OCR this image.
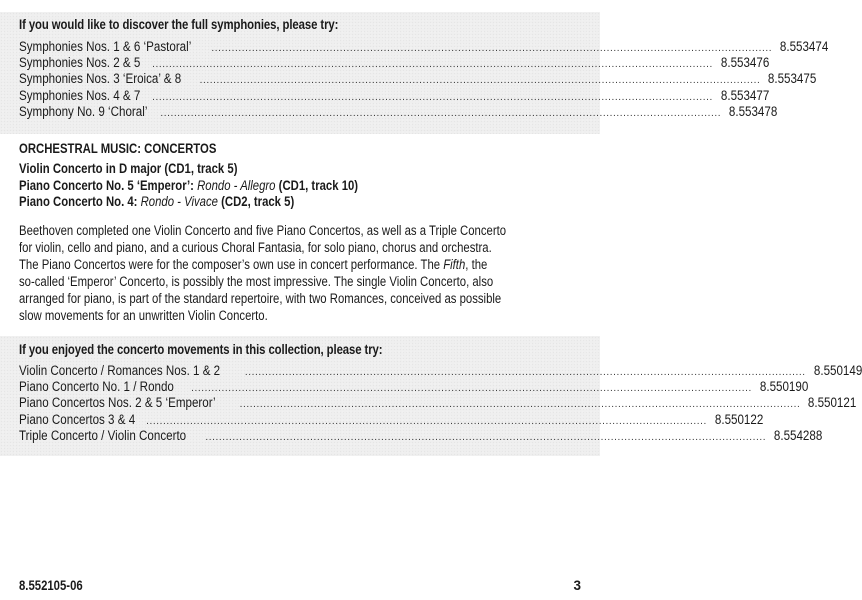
If you would like to discover the full symphonies, please try:
Symphonies Nos. 1 & 6 ‘Pastoral’ ...................................................................................................................................................................... 8.553474
Symphonies Nos. 2 & 5 ...................................................................................................................................................................... 8.553476
Symphonies Nos. 3 ‘Eroica’ & 8 ...................................................................................................................................................................... 8.553475
Symphonies Nos. 4 & 7 ...................................................................................................................................................................... 8.553477
Symphony No. 9 ‘Choral’ ...................................................................................................................................................................... 8.553478
ORCHESTRAL MUSIC: CONCERTOS
Violin Concerto in D major (CD1, track 5)
Piano Concerto No. 5 ‘Emperor’: Rondo - Allegro (CD1, track 10)
Piano Concerto No. 4: Rondo - Vivace (CD2, track 5)

Beethoven completed one Violin Concerto and five Piano Concertos, as well as a Triple Concerto

for violin, cello and piano, and a curious Choral Fantasia, for solo piano, chorus and orchestra.

The Piano Concertos were for the composer’s own use in concert performance. The Fifth, the

so-called ‘Emperor’ Concerto, is possibly the most impressive. The single Violin Concerto, also

arranged for piano, is part of the standard repertoire, with two Romances, conceived as possible

slow movements for an unwritten Violin Concerto.

If you enjoyed the concerto movements in this collection, please try:
Violin Concerto / Romances Nos. 1 & 2 ...................................................................................................................................................................... 8.550149
Piano Concerto No. 1 / Rondo ...................................................................................................................................................................... 8.550190
Piano Concertos Nos. 2 & 5 ‘Emperor’ ...................................................................................................................................................................... 8.550121
Piano Concertos 3 & 4 ...................................................................................................................................................................... 8.550122
Triple Concerto / Violin Concerto ...................................................................................................................................................................... 8.554288
8.552105-06	3
